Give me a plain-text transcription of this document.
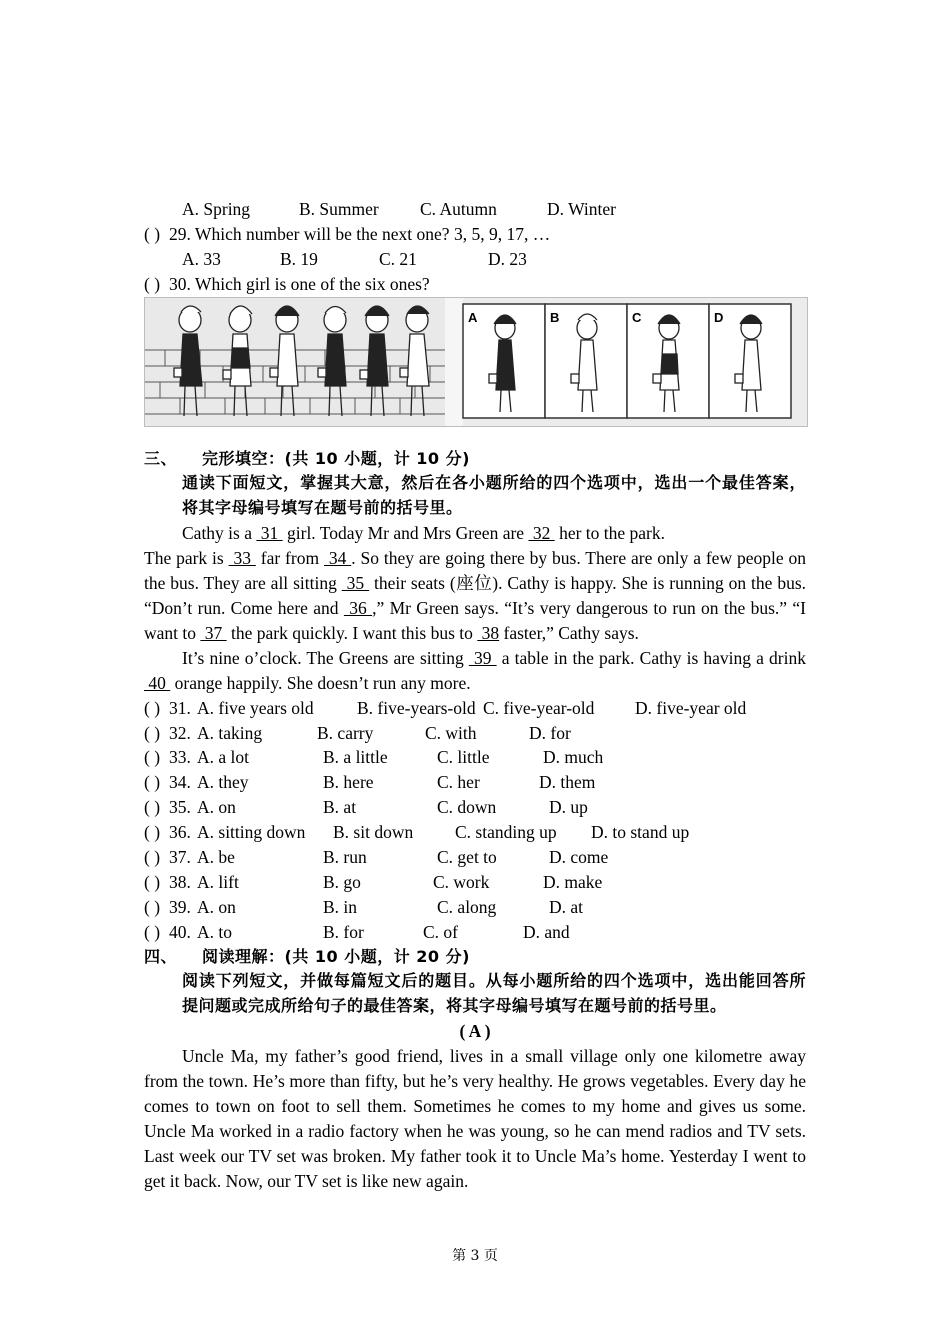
A. Spring	B. Summer C. Autumn	D. Winter
( ) 29. Which number will be the next one? 3, 5, 9, 17, …
A. 33	B. 19	C. 21	D. 23
( ) 30. Which girl is one of the six ones?
A	B	C	D
三、　　完形填空：(共 10 小题，计 10 分)
通读下面短文，掌握其大意，然后在各小题所给的四个选项中，选出一个最佳答案，将其字母编号填写在题号前的括号里。
Cathy is a  31  girl. Today Mr and Mrs Green are  32  her to the park.
The park is  33  far from  34 . So they are going there by bus. There are only a few people on the bus. They are all sitting  35  their seats (座位). Cathy is happy. She is running on the bus. “Don’t run. Come here and  36 ,” Mr Green says. “It’s very dangerous to run on the bus.” “I want to  37  the park quickly. I want this bus to  38 faster,” Cathy says.
It’s nine o’clock. The Greens are sitting  39  a table in the park. Cathy is having a drink  40  orange happily. She doesn’t run any more.
( ) 31. A. five years old B. five-years-old C. five-year-old D. five-year old
( ) 32. A. taking	B. carry	C. with	D. for
( ) 33. A. a lot	B. a little	C. little	D. much
( ) 34. A. they	B. here	C. her	D. them
( ) 35. A. on	B. at	C. down	D. up
( ) 36. A. sitting down B. sit down C. standing up D. to stand up
( ) 37. A. be	B. run	C. get to	D. come
( ) 38. A. lift	B. go	C. work	D. make
( ) 39. A. on	B. in	C. along	D. at
( ) 40. A. to	B. for	C. of	D. and
四、　　阅读理解：(共 10 小题，计 20 分)
阅读下列短文，并做每篇短文后的题目。从每小题所给的四个选项中，选出能回答所提问题或完成所给句子的最佳答案，将其字母编号填写在题号前的括号里。
( A )
Uncle Ma, my father’s good friend, lives in a small village only one kilometre away from the town. He’s more than fifty, but he’s very healthy. He grows vegetables. Every day he comes to town on foot to sell them. Sometimes he comes to my home and gives us some. Uncle Ma worked in a radio factory when he was young, so he can mend radios and TV sets. Last week our TV set was broken. My father took it to Uncle Ma’s home. Yesterday I went to get it back. Now, our TV set is like new again.
第 3 页
